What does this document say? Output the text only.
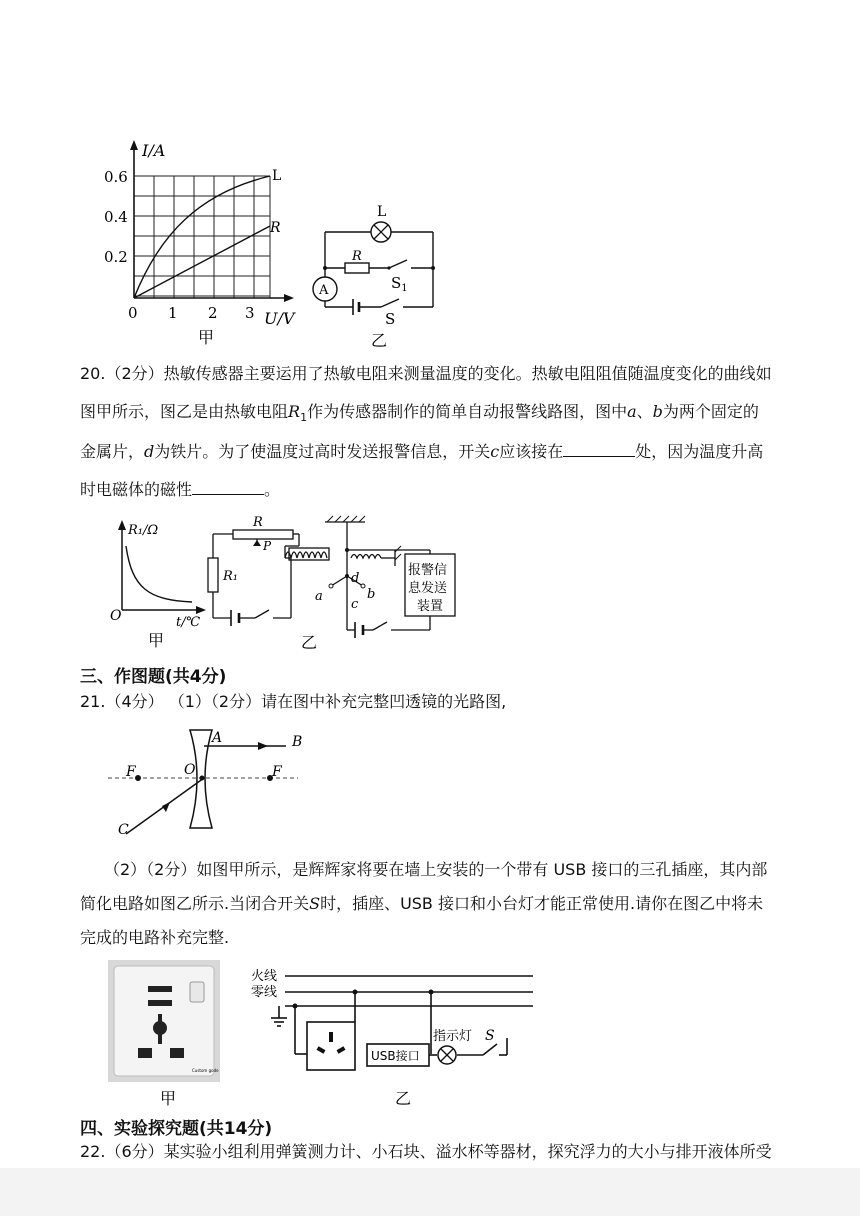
I/A
0.6
0.4
0.2
0 1 2 3 U/V
L
R
甲
L
R
$S_1$
A
S
乙
20.（2分）热敏传感器主要运用了热敏电阻来测量温度的变化。热敏电阻阻值随温度变化的曲线如
图甲所示，图乙是由热敏电阻$R_1$作为传感器制作的简单自动报警线路图，图中a、b为两个固定的
金属片，d为铁片。为了使温度过高时发送报警信息，开关c应该接在	处，因为温度升高
时电磁体的磁性	。
R₁/Ω
O	t/℃
甲
R
P
R₁
a	b
c
d
报警信
息发送
装置
乙
三、作图题(共4分)
21.（4分） （1）（2分）请在图中补充完整凹透镜的光路图,
A	B
F	O	F
C
（2）（2分）如图甲所示，是辉辉家将要在墙上安装的一个带有 USB 接口的三孔插座，其内部
简化电路如图乙所示.当闭合开关S时，插座、USB 接口和小台灯才能正常使用.请你在图乙中将未
完成的电路补充完整.
Custom gode
甲
火线
零线
USB接口
指示灯 S
乙
四、实验探究题(共14分)
22.（6分）某实验小组利用弹簧测力计、小石块、溢水杯等器材，探究浮力的大小与排开液体所受
